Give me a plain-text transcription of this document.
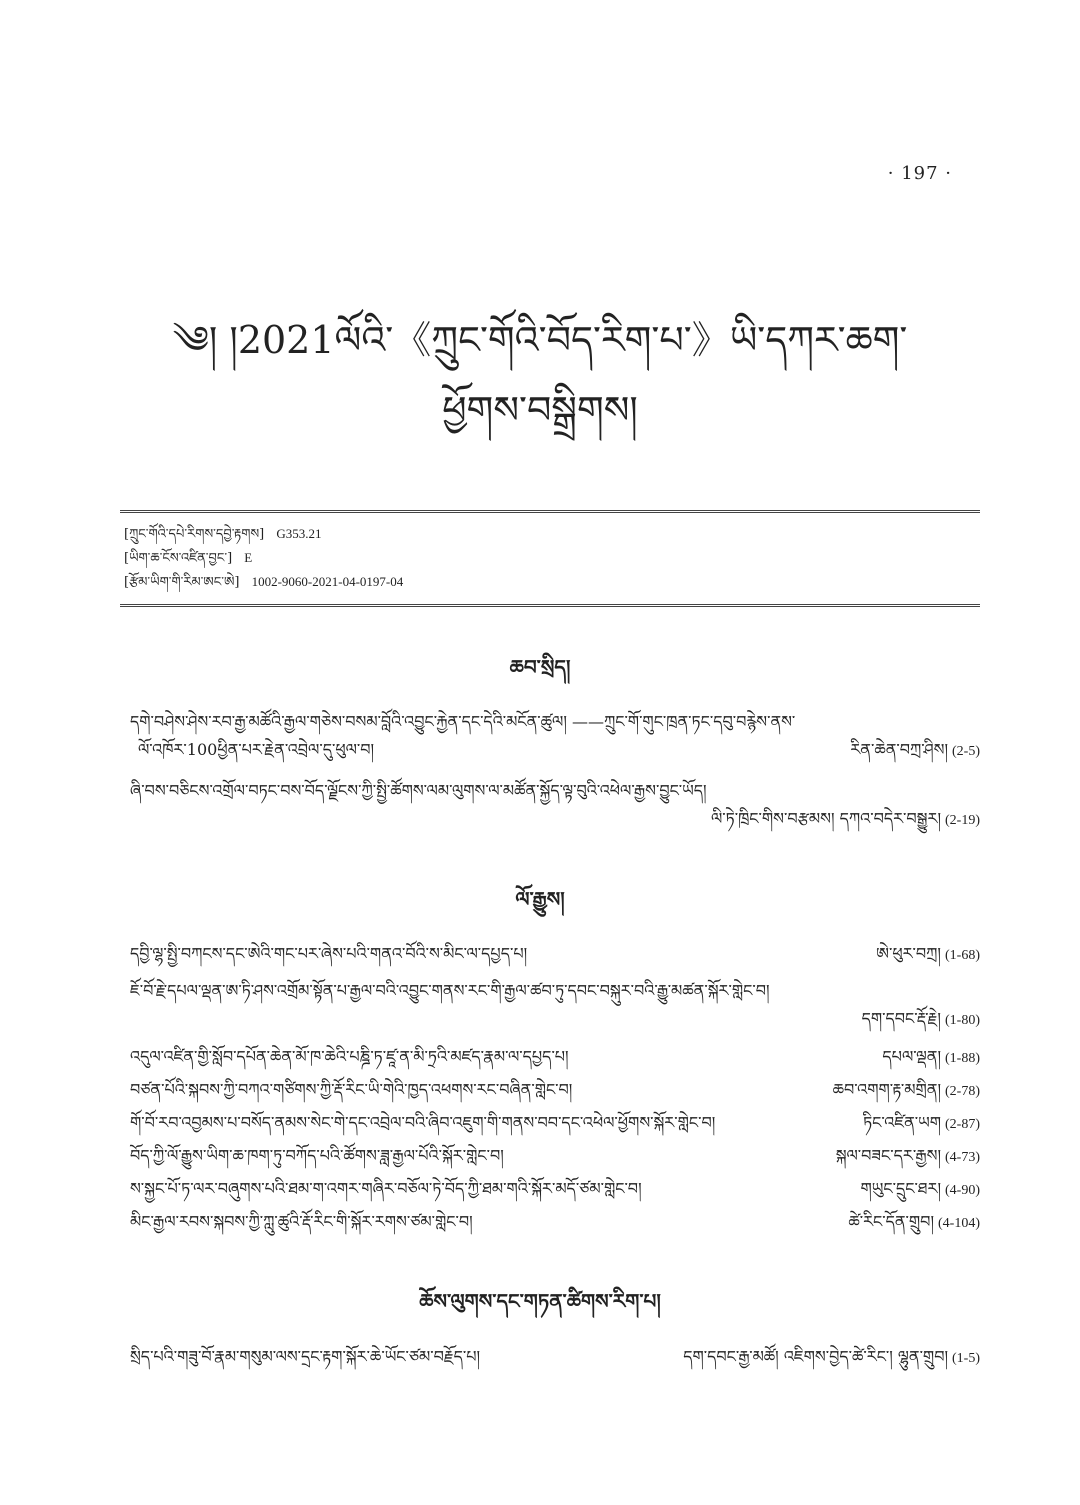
· 197 ·
༄། །2021ལོའི་《ཀྲུང་གོའི་བོད་རིག་པ་》ཡི་དཀར་ཆག་
ཕྱོགས་བསྒྲིགས།
[ཀྲུང་གོའི་དཔེ་རིགས་དབྱེ་རྟགས] G353.21
[ཡིག་ཆ་ངོས་འཛིན་བྱང་] E
[རྩོམ་ཡིག་གི་རིམ་ཨང་ཨེ] 1002-9060-2021-04-0197-04
ཆབ་སྲིད།
དགེ་བཤེས་ཤེས་རབ་རྒྱ་མཚོའི་རྒྱལ་གཅེས་བསམ་བློའི་འབྱུང་རྐྱེན་དང་དེའི་མངོན་ཚུལ། ——ཀྲུང་གོ་གུང་ཁྲན་ཏང་དབུ་བརྙེས་ནས་
ལོ་འཁོར་100ཕྱིན་པར་རྗེན་འབྲེལ་དུ་ཕུལ་བ།	རིན་ཆེན་བཀྲ་ཤིས། (2-5)
ཞི་བས་བཅིངས་འགྲོལ་བཏང་བས་བོད་ལྗོངས་ཀྱི་སྤྱི་ཚོགས་ལམ་ལུགས་ལ་མཚོན་སྐྱོད་ལྟ་བུའི་འཕེལ་རྒྱས་བྱུང་ཡོད།
ལི་ཏེ་ཁྲིང་གིས་བརྩམས། དཀའ་བདེར་བསྒྱུར། (2-19)
ལོ་རྒྱུས།
དབྱི་ལྷ་སྤྱི་བཀངས་དང་ཨེའི་གང་པར་ཞེས་པའི་གནའ་བོའི་ས་མིང་ལ་དཔྱད་པ།	ཨེ་ཕུར་བཀྲ། (1-68)
ཇོ་བོ་རྗེ་དཔལ་ལྡན་ཨ་ཏི་ཤས་འགྲོམ་སྟོན་པ་རྒྱལ་བའི་འབྱུང་གནས་རང་གི་རྒྱལ་ཚབ་ཏུ་དབང་བསྐུར་བའི་རྒྱུ་མཚན་སྐོར་གླེང་བ།
དག་དབང་རྡོ་རྗེ། (1-80)
འདུལ་འཛིན་གྱི་སློབ་དཔོན་ཆེན་མོ་ཁ་ཆེའི་པཎྜི་ཏ་ཛཱ་ན་མི་ཏྲའི་མཛད་རྣམ་ལ་དཔྱད་པ།	དཔལ་ལྡན། (1-88)
བཙན་པོའི་སྐབས་ཀྱི་བཀའ་གཙིགས་ཀྱི་རྡོ་རིང་ཡི་གེའི་ཁྱད་འཕགས་རང་བཞིན་གླེང་བ།	ཆབ་འགག་རྟ་མགྲིན། (2-78)
གོ་བོ་རབ་འབྱམས་པ་བསོད་ནམས་སེང་གེ་དང་འབྲེལ་བའི་ཞིབ་འཇུག་གི་གནས་བབ་དང་འཕེལ་ཕྱོགས་སྐོར་གླེང་བ།	ཏིང་འཛིན་ཡག (2-87)
བོད་ཀྱི་ལོ་རྒྱུས་ཡིག་ཆ་ཁག་ཏུ་བཀོད་པའི་ཚོགས་ཟླ་རྒྱལ་པོའི་སྐོར་གླེང་བ།	སྐལ་བཟང་དར་རྒྱས། (4-73)
ས་སྐྱང་པོ་ཏ་ལར་བཞུགས་པའི་ཐམ་ག་འགར་གཞིར་བཅོལ་ཏེ་བོད་ཀྱི་ཐམ་གའི་སྐོར་མདོ་ཙམ་གླེང་བ།	གཡུང་དྲུང་ཐར། (4-90)
མིང་རྒྱལ་རབས་སྐབས་ཀྱི་ཀླུ་ཚུའི་རྡོ་རིང་གི་སྐོར་རགས་ཙམ་གླེང་བ།	ཚེ་རིང་དོན་གྲུབ། (4-104)
ཆོས་ལུགས་དང་གཏན་ཚིགས་རིག་པ།
སྲིད་པའི་གཟུ་བོ་རྣམ་གསུམ་ལས་དྲང་རྟག་སྐོར་ཆེ་ཡོང་ཙམ་བརྗོད་པ།	དག་དབང་རྒྱ་མཚོ། འཇིགས་བྱེད་ཚེ་རིང་། ལྷུན་གྲུབ། (1-5)
